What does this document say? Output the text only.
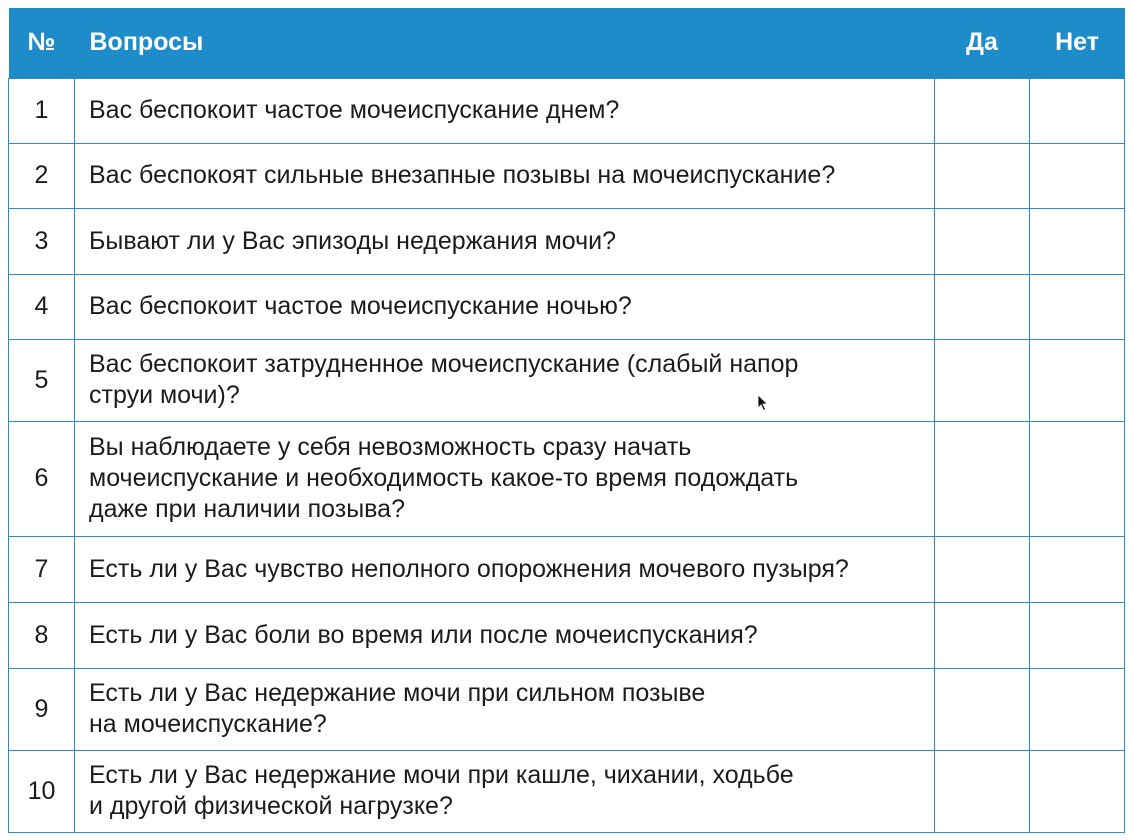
№	Вопросы	Да	Нет
1	Вас беспокоит частое мочеиспускание днем?		
2	Вас беспокоят сильные внезапные позывы на мочеиспускание?		
3	Бывают ли у Вас эпизоды недержания мочи?		
4	Вас беспокоит частое мочеиспускание ночью?		
5	Вас беспокоит затрудненное мочеиспускание (слабый напор
струи мочи)?		
6	Вы наблюдаете у себя невозможность сразу начать
мочеиспускание и необходимость какое-то время подождать
даже при наличии позыва?		
7	Есть ли у Вас чувство неполного опорожнения мочевого пузыря?		
8	Есть ли у Вас боли во время или после мочеиспускания?		
9	Есть ли у Вас недержание мочи при сильном позыве
на мочеиспускание?		
10	Есть ли у Вас недержание мочи при кашле, чихании, ходьбе
и другой физической нагрузке?		
